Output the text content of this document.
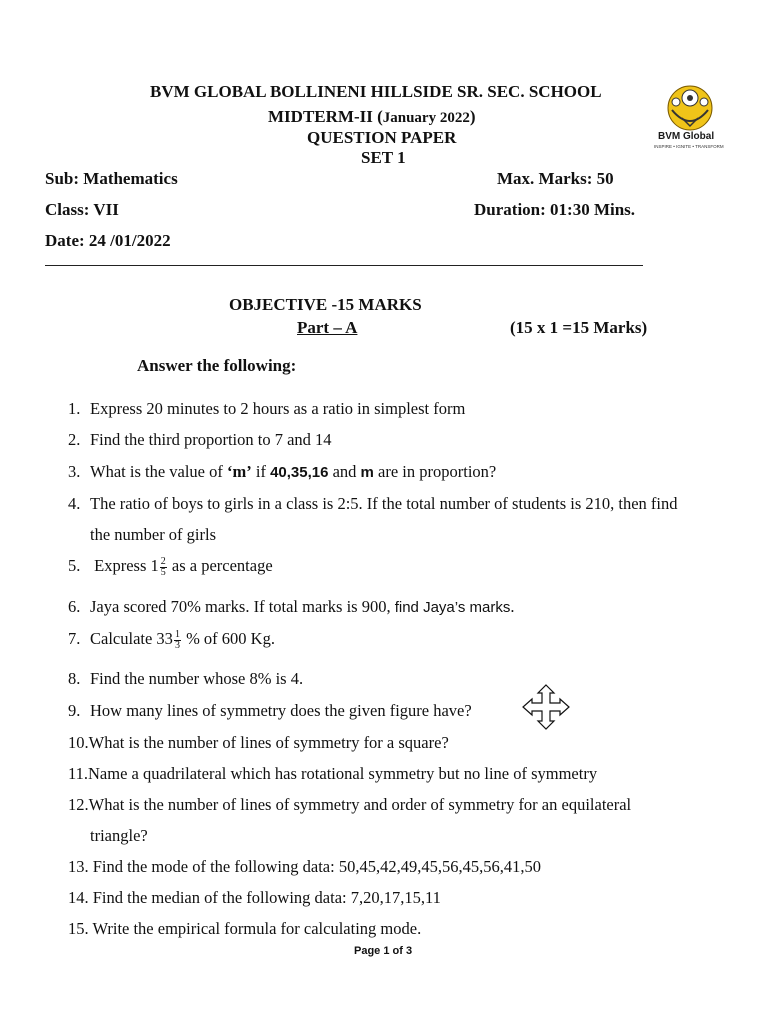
BVM GLOBAL BOLLINENI HILLSIDE SR. SEC. SCHOOL
MIDTERM-II (January 2022)
QUESTION PAPER
SET 1
BVM Global
INSPIRE • IGNITE • TRANSFORM
Sub: Mathematics	Max. Marks: 50
Class: VII	Duration: 01:30 Mins.
Date: 24 /01/2022
OBJECTIVE -15 MARKS
Part – A	(15 x 1 =15 Marks)
Answer the following:
1. Express 20 minutes to 2 hours as a ratio in simplest form
2. Find the third proportion to 7 and 14
3. What is the value of ‘m’ if 40,35,16 and m are in proportion?
4. The ratio of boys to girls in a class is 2:5. If the total number of students is 210, then find
the number of girls
5. Express $1 \frac{2}{5}$ as a percentage
6. Jaya scored 70% marks. If total marks is 900, find Jaya’s marks.
7. Calculate $33 \frac{1}{3}$ % of 600 Kg.
8. Find the number whose 8% is 4.
9. How many lines of symmetry does the given figure have?
10.What is the number of lines of symmetry for a square?
11.Name a quadrilateral which has rotational symmetry but no line of symmetry
12.What is the number of lines of symmetry and order of symmetry for an equilateral
triangle?
13. Find the mode of the following data: 50,45,42,49,45,56,45,56,41,50
14. Find the median of the following data: 7,20,17,15,11
15. Write the empirical formula for calculating mode.
Page 1 of 3
